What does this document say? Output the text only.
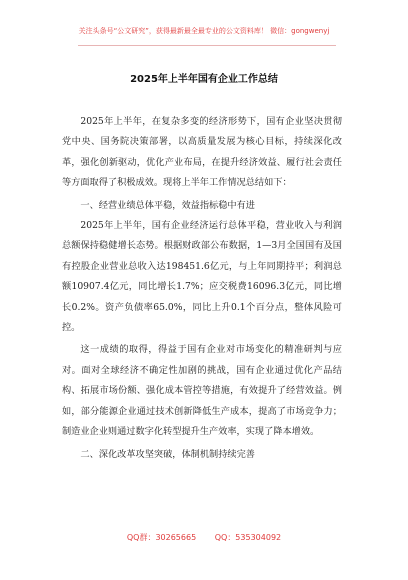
关注头条号“公文研究”，获得最新最全最专业的公文资料库！ 微信：gongwenyj
2025年上半年国有企业工作总结

2025年上半年，在复杂多变的经济形势下，国有企业坚决贯彻党中央、国务院决策部署，以高质量发展为核心目标，持续深化改革，强化创新驱动，优化产业布局，在提升经济效益、履行社会责任等方面取得了积极成效。现将上半年工作情况总结如下：

一、经营业绩总体平稳，效益指标稳中有进

2025年上半年，国有企业经济运行总体平稳，营业收入与利润总额保持稳健增长态势。根据财政部公布数据，1—3月全国国有及国有控股企业营业总收入达198451.6亿元，与上年同期持平；利润总额10907.4亿元，同比增长1.7%；应交税费16096.3亿元，同比增长0.2%。资产负债率65.0%，同比上升0.1个百分点，整体风险可控。

这一成绩的取得，得益于国有企业对市场变化的精准研判与应对。面对全球经济不确定性加剧的挑战，国有企业通过优化产品结构、拓展市场份额、强化成本管控等措施，有效提升了经营效益。例如，部分能源企业通过技术创新降低生产成本，提高了市场竞争力；制造业企业则通过数字化转型提升生产效率，实现了降本增效。

二、深化改革攻坚突破，体制机制持续完善

QQ群：30265665 QQ：535304092
